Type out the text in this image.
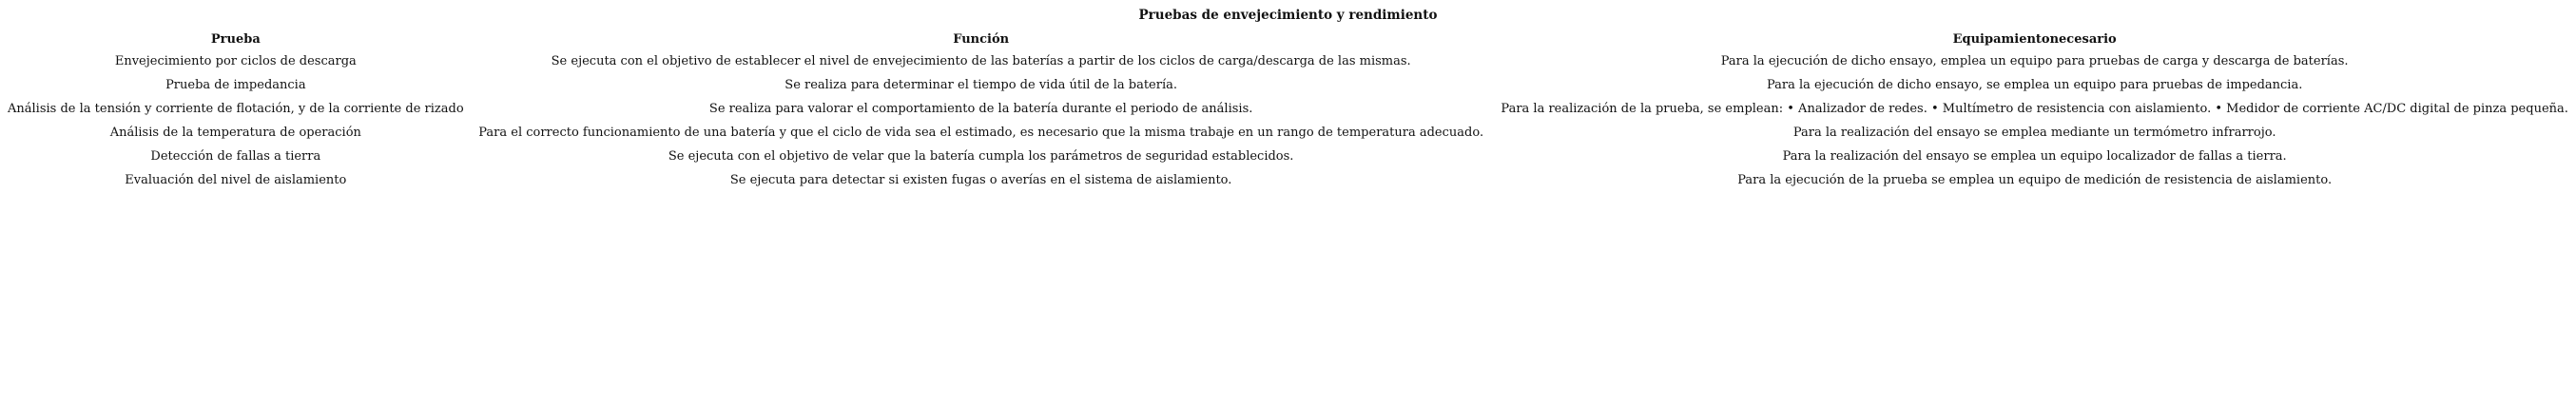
Pruebas de envejecimiento y rendimiento
Prueba	Función	Equipamientonecesario
Envejecimiento por ciclos de descarga	Se ejecuta con el objetivo de establecer el nivel de envejecimiento de las baterías a partir de los ciclos de carga/descarga de las mismas.	Para la ejecución de dicho ensayo, emplea un equipo para pruebas de carga y descarga de baterías.
Prueba de impedancia	Se realiza para determinar el tiempo de vida útil de la batería.	Para la ejecución de dicho ensayo, se emplea un equipo para pruebas de impedancia.
Análisis de la tensión y corriente de flotación, y de la corriente de rizado	Se realiza para valorar el comportamiento de la batería durante el periodo de análisis.	Para la realización de la prueba, se emplean: • Analizador de redes. • Multímetro de resistencia con aislamiento. • Medidor de corriente AC/DC digital de pinza pequeña.
Análisis de la temperatura de operación	Para el correcto funcionamiento de una batería y que el ciclo de vida sea el estimado, es necesario que la misma trabaje en un rango de temperatura adecuado.	Para la realización del ensayo se emplea mediante un termómetro infrarrojo.
Detección de fallas a tierra	Se ejecuta con el objetivo de velar que la batería cumpla los parámetros de seguridad establecidos.	Para la realización del ensayo se emplea un equipo localizador de fallas a tierra.
Evaluación del nivel de aislamiento	Se ejecuta para detectar si existen fugas o averías en el sistema de aislamiento.	Para la ejecución de la prueba se emplea un equipo de medición de resistencia de aislamiento.
